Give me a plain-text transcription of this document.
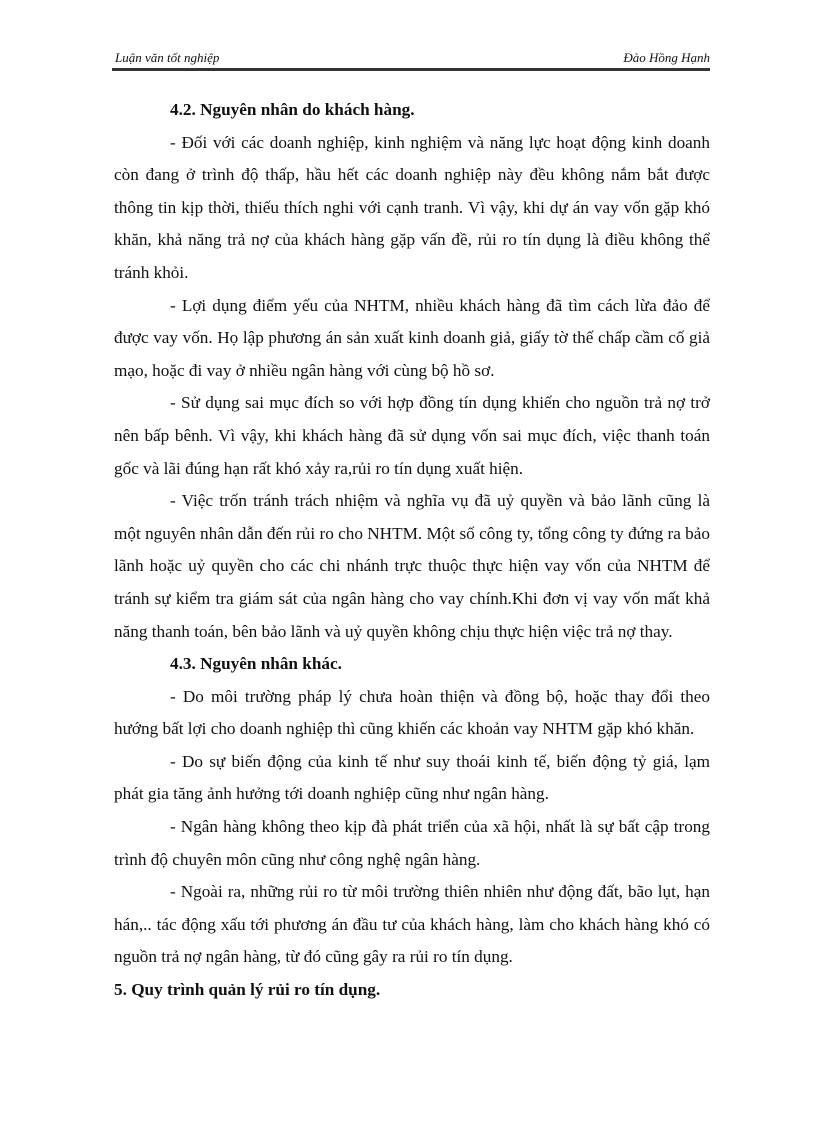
Luận văn tốt nghiệp	Đào Hồng Hạnh

4.2. Nguyên nhân do khách hàng.

- Đối với các doanh nghiệp, kinh nghiệm và năng lực hoạt động kinh doanh còn đang ở trình độ thấp, hầu hết các doanh nghiệp này đều không nắm bắt được thông tin kịp thời, thiếu thích nghi với cạnh tranh. Vì vậy, khi dự án vay vốn gặp khó khăn, khả năng trả nợ của khách hàng gặp vấn đề, rủi ro tín dụng là điều không thể tránh khỏi.

- Lợi dụng điểm yếu của NHTM, nhiều khách hàng đã tìm cách lừa đảo để được vay vốn. Họ lập phương án sản xuất kinh doanh giả, giấy tờ thế chấp cầm cố giả mạo, hoặc đi vay ở nhiều ngân hàng với cùng bộ hồ sơ.

- Sử dụng sai mục đích so với hợp đồng tín dụng khiến cho nguồn trả nợ trở nên bấp bênh. Vì vậy, khi khách hàng đã sử dụng vốn sai mục đích, việc thanh toán gốc và lãi đúng hạn rất khó xảy ra,rủi ro tín dụng xuất hiện.

- Việc trốn tránh trách nhiệm và nghĩa vụ đã uỷ quyền và bảo lãnh cũng là một nguyên nhân dẫn đến rủi ro cho NHTM. Một số công ty, tổng công ty đứng ra bảo lãnh hoặc uỷ quyền cho các chi nhánh trực thuộc thực hiện vay vốn của NHTM để tránh sự kiểm tra giám sát của ngân hàng cho vay chính.Khi đơn vị vay vốn mất khả năng thanh toán, bên bảo lãnh và uỷ quyền không chịu thực hiện việc trả nợ thay.

4.3. Nguyên nhân khác.

- Do môi trường pháp lý chưa hoàn thiện và đồng bộ, hoặc thay đổi theo hướng bất lợi cho doanh nghiệp thì cũng khiến các khoản vay NHTM gặp khó khăn.

- Do sự biến động của kinh tế như suy thoái kinh tế, biến động tỷ giá, lạm phát gia tăng ảnh hưởng tới doanh nghiệp cũng như ngân hàng.

- Ngân hàng không theo kịp đà phát triển của xã hội, nhất là sự bất cập trong trình độ chuyên môn cũng như công nghệ ngân hàng.

- Ngoài ra, những rủi ro từ môi trường thiên nhiên như động đất, bão lụt, hạn hán,.. tác động xấu tới phương án đầu tư của khách hàng, làm cho khách hàng khó có nguồn trả nợ ngân hàng, từ đó cũng gây ra rủi ro tín dụng.

5. Quy trình quản lý rủi ro tín dụng.
